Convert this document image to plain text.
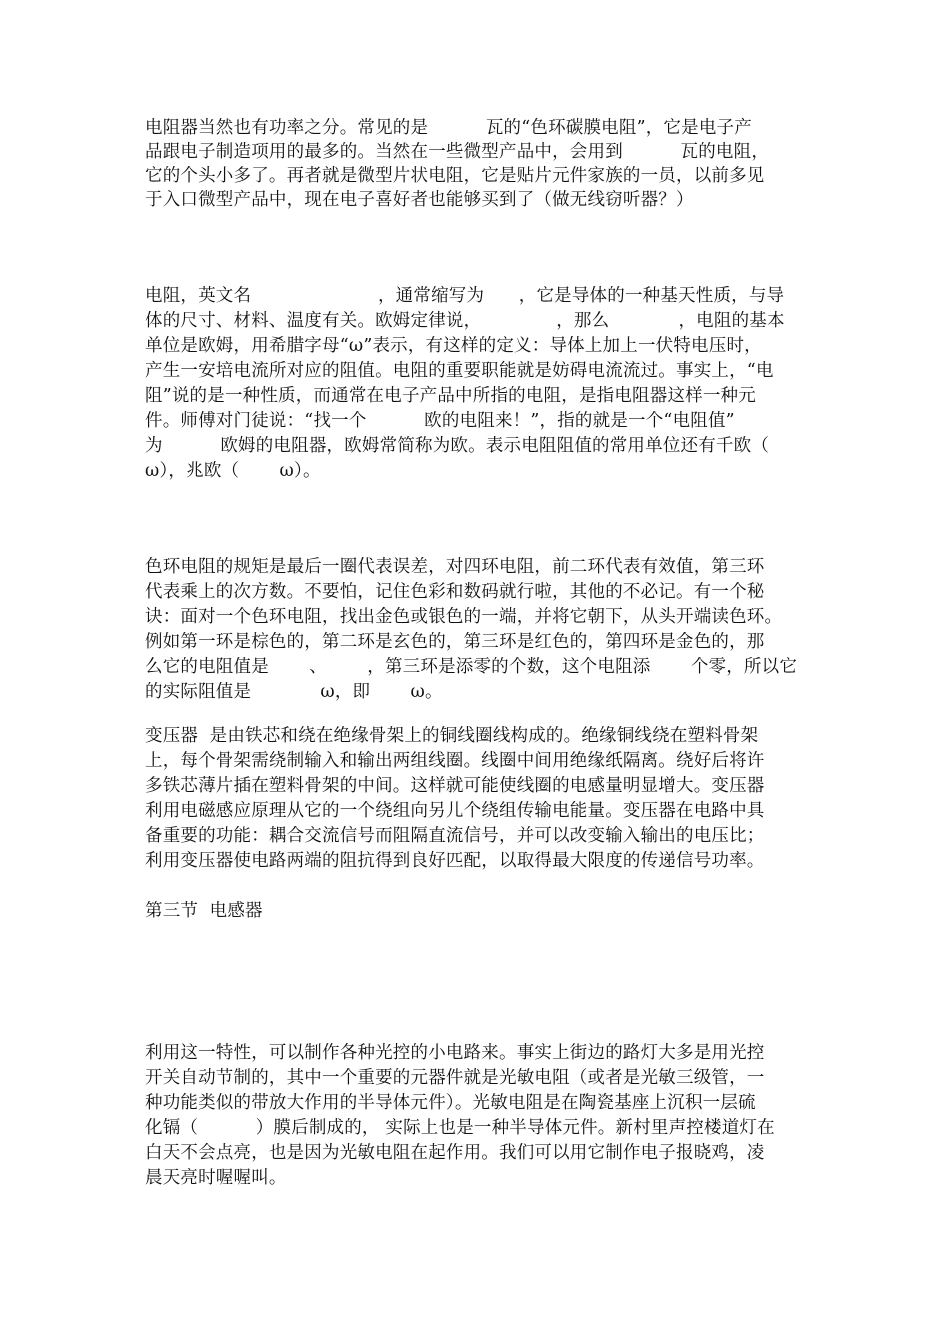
电阻器当然也有功率之分。常见的是          瓦的“色环碳膜电阻”，它是电子产
品跟电子制造项用的最多的。当然在一些微型产品中，会用到          瓦的电阻，
它的个头小多了。再者就是微型片状电阻，它是贴片元件家族的一员，以前多见
于入口微型产品中，现在电子喜好者也能够买到了（做无线窃听器？）
电阻，英文名                      ，通常缩写为      ，它是导体的一种基天性质，与导
体的尺寸、材料、温度有关。欧姆定律说，             ，那么            ，电阻的基本
单位是欧姆，用希腊字母“ω”表示，有这样的定义：导体上加上一伏特电压时，
产生一安培电流所对应的阻值。电阻的重要职能就是妨碍电流流过。事实上，“电
阻”说的是一种性质，而通常在电子产品中所指的电阻，是指电阻器这样一种元
件。师傅对门徒说：“找一个          欧的电阻来！”，指的就是一个“电阻值”
为          欧姆的电阻器，欧姆常简称为欧。表示电阻阻值的常用单位还有千欧（
ω），兆欧（       ω）。
色环电阻的规矩是最后一圈代表误差，对四环电阻，前二环代表有效值，第三环
代表乘上的次方数。不要怕，记住色彩和数码就行啦，其他的不必记。有一个秘
诀：面对一个色环电阻，找出金色或银色的一端，并将它朝下，从头开端读色环。
例如第一环是棕色的，第二环是玄色的，第三环是红色的，第四环是金色的，那
么它的电阻值是       、       ，第三环是添零的个数，这个电阻添       个零，所以它
的实际阻值是            ω，即       ω。
变压器  是由铁芯和绕在绝缘骨架上的铜线圈线构成的。绝缘铜线绕在塑料骨架
上，每个骨架需绕制输入和输出两组线圈。线圈中间用绝缘纸隔离。绕好后将许
多铁芯薄片插在塑料骨架的中间。这样就可能使线圈的电感量明显增大。变压器
利用电磁感应原理从它的一个绕组向另儿个绕组传输电能量。变压器在电路中具
备重要的功能：耦合交流信号而阻隔直流信号，并可以改变输入输出的电压比；
利用变压器使电路两端的阻抗得到良好匹配，以取得最大限度的传递信号功率。
第三节  电感器
利用这一特性，可以制作各种光控的小电路来。事实上街边的路灯大多是用光控
开关自动节制的，其中一个重要的元器件就是光敏电阻（或者是光敏三级管，一
种功能类似的带放大作用的半导体元件）。光敏电阻是在陶瓷基座上沉积一层硫
化镉（          ）膜后制成的， 实际上也是一种半导体元件。新村里声控楼道灯在
白天不会点亮，也是因为光敏电阻在起作用。我们可以用它制作电子报晓鸡，凌
晨天亮时喔喔叫。
